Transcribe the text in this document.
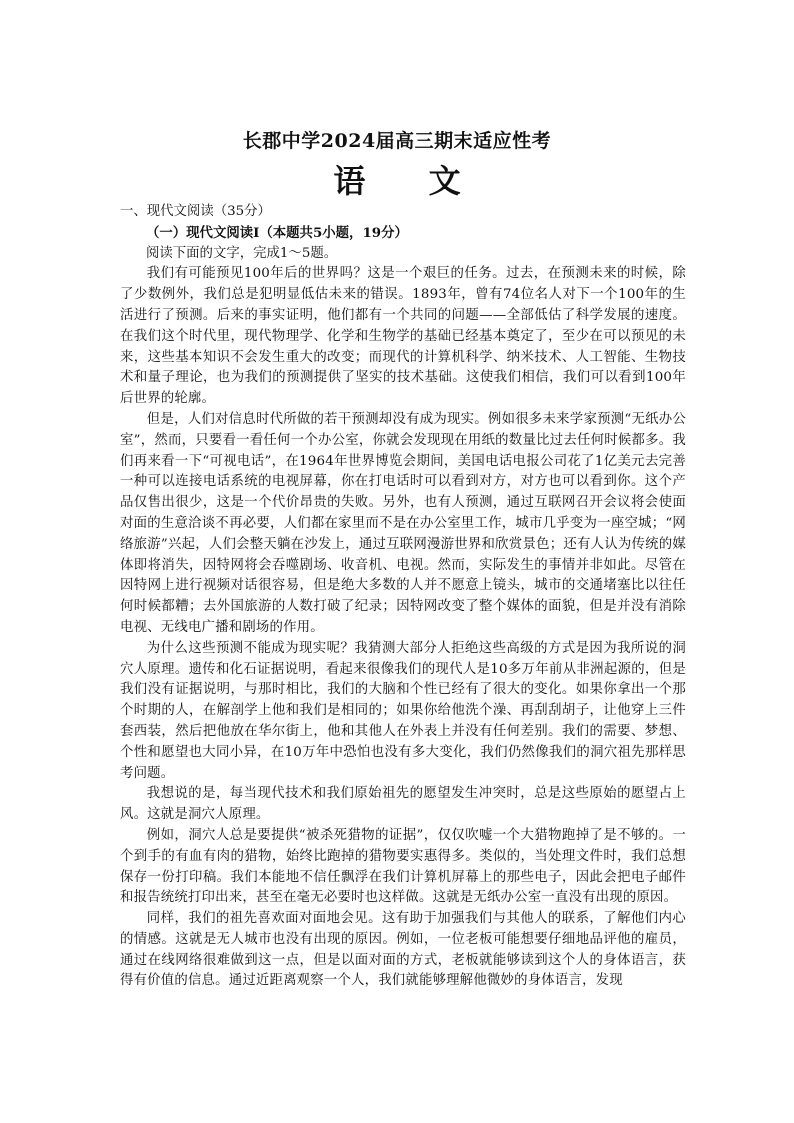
长郡中学2024届高三期末适应性考
语 文

一、现代文阅读（35分）

（一）现代文阅读Ⅰ（本题共5小题，19分）

阅读下面的文字，完成1～5题。

我们有可能预见100年后的世界吗？这是一个艰巨的任务。过去，在预测未来的时候，除了少数例外，我们总是犯明显低估未来的错误。1893年，曾有74位名人对下一个100年的生活进行了预测。后来的事实证明，他们都有一个共同的问题——全部低估了科学发展的速度。在我们这个时代里，现代物理学、化学和生物学的基础已经基本奠定了，至少在可以预见的未来，这些基本知识不会发生重大的改变；而现代的计算机科学、纳米技术、人工智能、生物技术和量子理论，也为我们的预测提供了坚实的技术基础。这使我们相信，我们可以看到100年后世界的轮廓。

但是，人们对信息时代所做的若干预测却没有成为现实。例如很多未来学家预测“无纸办公室”，然而，只要看一看任何一个办公室，你就会发现现在用纸的数量比过去任何时候都多。我们再来看一下“可视电话”，在1964年世界博览会期间，美国电话电报公司花了1亿美元去完善一种可以连接电话系统的电视屏幕，你在打电话时可以看到对方，对方也可以看到你。这个产品仅售出很少，这是一个代价昂贵的失败。另外，也有人预测，通过互联网召开会议将会使面对面的生意洽谈不再必要，人们都在家里而不是在办公室里工作，城市几乎变为一座空城；“网络旅游”兴起，人们会整天躺在沙发上，通过互联网漫游世界和欣赏景色；还有人认为传统的媒体即将消失，因特网将会吞噬剧场、收音机、电视。然而，实际发生的事情并非如此。尽管在因特网上进行视频对话很容易，但是绝大多数的人并不愿意上镜头，城市的交通堵塞比以往任何时候都糟；去外国旅游的人数打破了纪录；因特网改变了整个媒体的面貌，但是并没有消除电视、无线电广播和剧场的作用。

为什么这些预测不能成为现实呢？我猜测大部分人拒绝这些高级的方式是因为我所说的洞穴人原理。遗传和化石证据说明，看起来很像我们的现代人是10多万年前从非洲起源的，但是我们没有证据说明，与那时相比，我们的大脑和个性已经有了很大的变化。如果你拿出一个那个时期的人，在解剖学上他和我们是相同的；如果你给他洗个澡、再刮刮胡子，让他穿上三件套西装，然后把他放在华尔街上，他和其他人在外表上并没有任何差别。我们的需要、梦想、个性和愿望也大同小异，在10万年中恐怕也没有多大变化，我们仍然像我们的洞穴祖先那样思考问题。

我想说的是，每当现代技术和我们原始祖先的愿望发生冲突时，总是这些原始的愿望占上风。这就是洞穴人原理。

例如，洞穴人总是要提供“被杀死猎物的证据”，仅仅吹嘘一个大猎物跑掉了是不够的。一个到手的有血有肉的猎物，始终比跑掉的猎物要实惠得多。类似的，当处理文件时，我们总想保存一份打印稿。我们本能地不信任飘浮在我们计算机屏幕上的那些电子，因此会把电子邮件和报告统统打印出来，甚至在毫无必要时也这样做。这就是无纸办公室一直没有出现的原因。

同样，我们的祖先喜欢面对面地会见。这有助于加强我们与其他人的联系，了解他们内心的情感。这就是无人城市也没有出现的原因。例如，一位老板可能想要仔细地品评他的雇员，通过在线网络很难做到这一点，但是以面对面的方式，老板就能够读到这个人的身体语言，获得有价值的信息。通过近距离观察一个人，我们就能够理解他微妙的身体语言，发现
